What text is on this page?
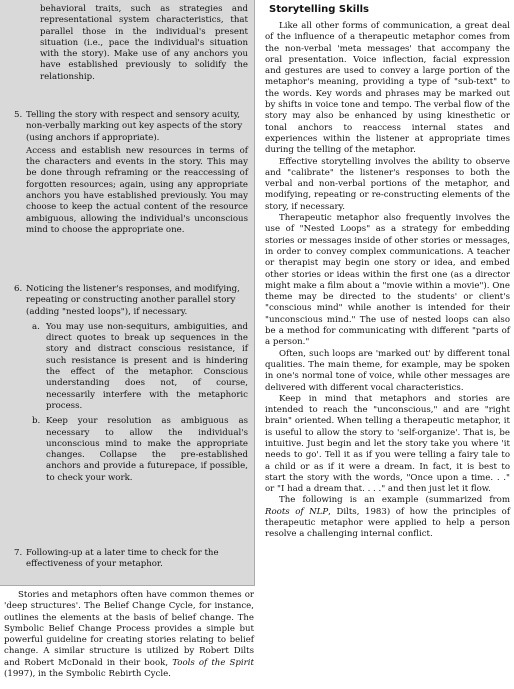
behavioral traits, such as strategies and representational system characteristics, that parallel those in the individual's present situation (i.e., pace the individual's situation with the story). Make use of any anchors you have established previously to solidify the relationship.

5. Telling the story with respect and sensory acuity, non-verbally marking out key aspects of the story (using anchors if appropriate).

Access and establish new resources in terms of the characters and events in the story. This may be done through reframing or the reaccessing of forgotten resources; again, using any appropriate anchors you have established previously. You may choose to keep the actual content of the resource ambiguous, allowing the individual's unconscious mind to choose the appropriate one.

6. Noticing the listener's responses, and modifying, repeating or constructing another parallel story (adding "nested loops"), if necessary.

a. You may use non-sequiturs, ambiguities, and direct quotes to break up sequences in the story and distract conscious resistance, if such resistance is present and is hindering the effect of the metaphor. Conscious understanding does not, of course, necessarily interfere with the metaphoric process.

b. Keep your resolution as ambiguous as necessary to allow the individual's unconscious mind to make the appropriate changes. Collapse the pre-established anchors and provide a futurepace, if possible, to check your work.

7. Following-up at a later time to check for the effectiveness of your metaphor.

Stories and metaphors often have common themes or 'deep structures'. The Belief Change Cycle, for instance, outlines the elements at the basis of belief change. The Symbolic Belief Change Process provides a simple but powerful guideline for creating stories relating to belief change. A similar structure is utilized by Robert Dilts and Robert McDonald in their book, Tools of the Spirit (1997), in the Symbolic Rebirth Cycle.

Storytelling Skills

Like all other forms of communication, a great deal of the influence of a therapeutic metaphor comes from the non-verbal 'meta messages' that accompany the oral presentation. Voice inflection, facial expression and gestures are used to convey a large portion of the metaphor's meaning, providing a type of "sub-text" to the words. Key words and phrases may be marked out by shifts in voice tone and tempo. The verbal flow of the story may also be enhanced by using kinesthetic or tonal anchors to reaccess internal states and experiences within the listener at appropriate times during the telling of the metaphor.

Effective storytelling involves the ability to observe and "calibrate" the listener's responses to both the verbal and non-verbal portions of the metaphor, and modifying, repeating or re-constructing elements of the story, if necessary.

Therapeutic metaphor also frequently involves the use of "Nested Loops" as a strategy for embedding stories or messages inside of other stories or messages, in order to convey complex communications. A teacher or therapist may begin one story or idea, and embed other stories or ideas within the first one (as a director might make a film about a "movie within a movie"). One theme may be directed to the students' or client's "conscious mind" while another is intended for their "unconscious mind." The use of nested loops can also be a method for communicating with different "parts of a person."

Often, such loops are 'marked out' by different tonal qualities. The main theme, for example, may be spoken in one's normal tone of voice, while other messages are delivered with different vocal characteristics.

Keep in mind that metaphors and stories are intended to reach the "unconscious," and are "right brain" oriented. When telling a therapeutic metaphor, it is useful to allow the story to 'self-organize'. That is, be intuitive. Just begin and let the story take you where 'it needs to go'. Tell it as if you were telling a fairy tale to a child or as if it were a dream. In fact, it is best to start the story with the words, "Once upon a time. . ." or "I had a dream that. . . ." and then just let it flow.

The following is an example (summarized from Roots of NLP, Dilts, 1983) of how the principles of therapeutic metaphor were applied to help a person resolve a challenging internal conflict.
